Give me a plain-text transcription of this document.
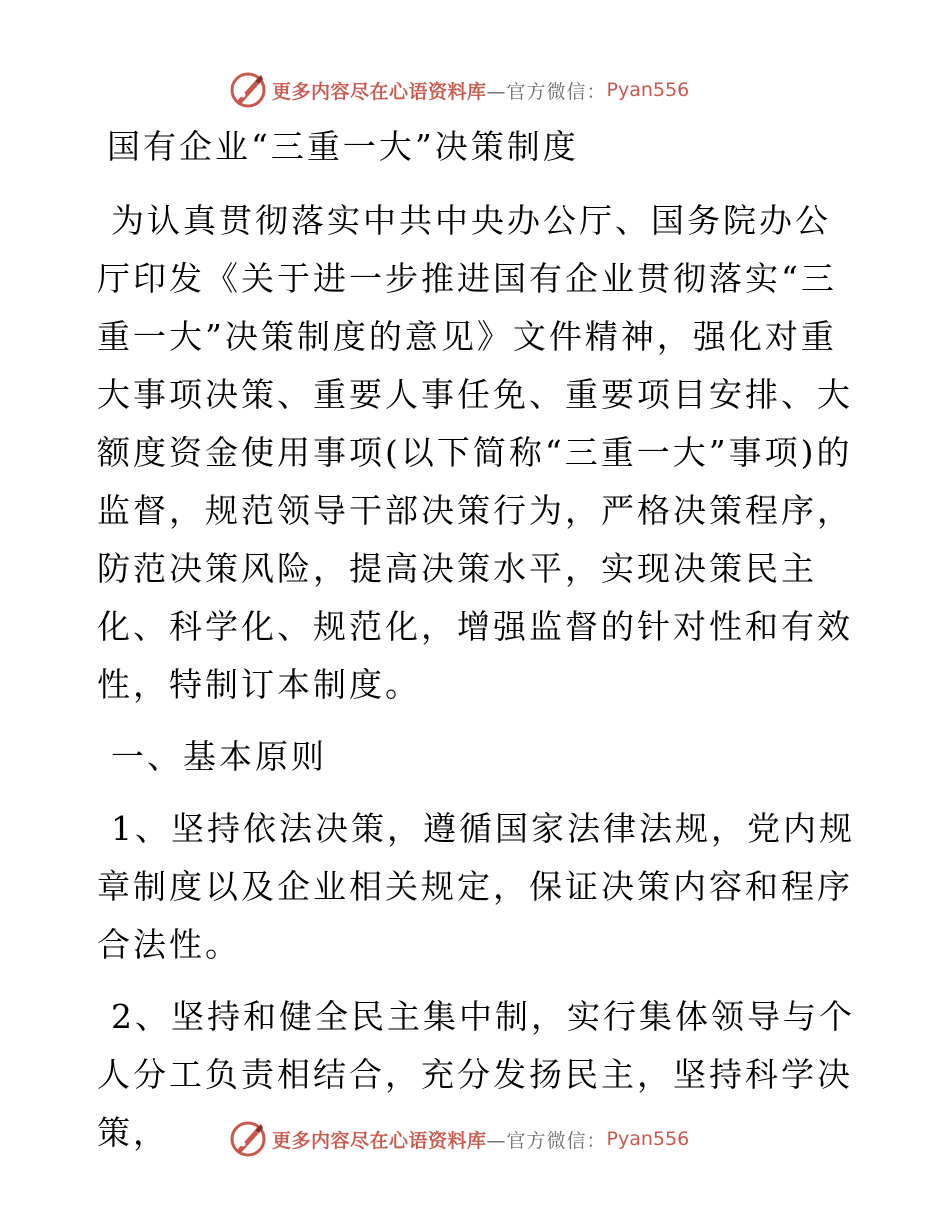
更多内容尽在心语资料库 —官方微信： Pyan556

国有企业“三重一大”决策制度

为认真贯彻落实中共中央办公厅、国务院办公厅印发《关于进一步推进国有企业贯彻落实“三重一大”决策制度的意见》文件精神，强化对重大事项决策、重要人事任免、重要项目安排、大额度资金使用事项(以下简称“三重一大”事项)的监督，规范领导干部决策行为，严格决策程序，防范决策风险，提高决策水平，实现决策民主化、科学化、规范化，增强监督的针对性和有效性，特制订本制度。

一、基本原则

1、坚持依法决策，遵循国家法律法规，党内规章制度以及企业相关规定，保证决策内容和程序合法性。

2、坚持和健全民主集中制，实行集体领导与个人分工负责相结合，充分发扬民主，坚持科学决策，	更多内容尽在心语资料库 —官方微信： Pyan556
